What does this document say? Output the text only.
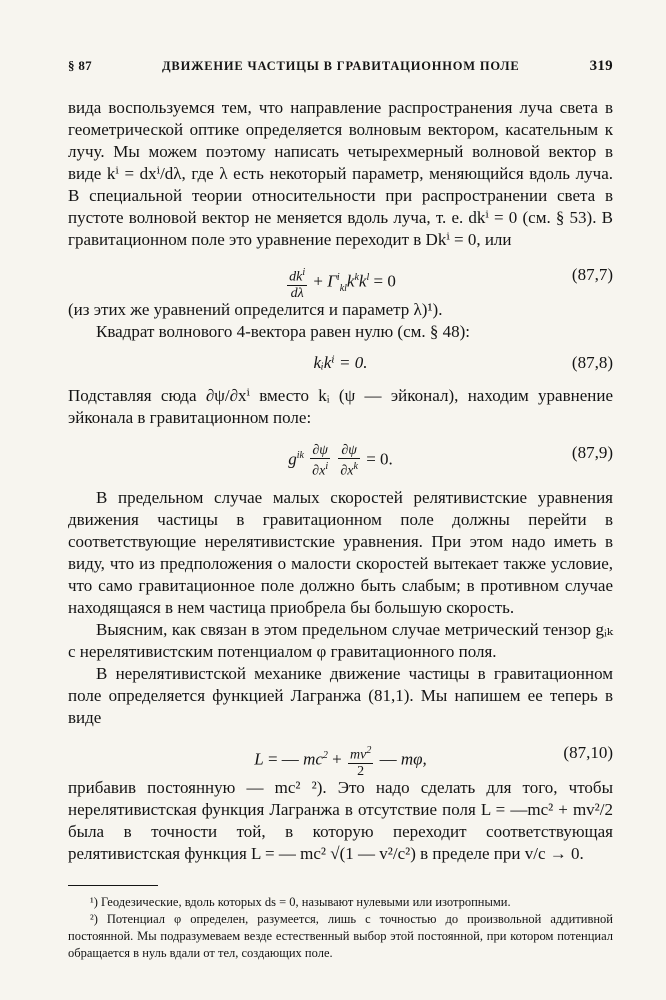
§ 87	ДВИЖЕНИЕ ЧАСТИЦЫ В ГРАВИТАЦИОННОМ ПОЛЕ	319

вида воспользуемся тем, что направление распространения луча света в геометрической оптике определяется волновым вектором, касательным к лучу. Мы можем поэтому написать четырехмерный волновой вектор в виде kⁱ = dxⁱ/dλ, где λ есть некоторый параметр, меняющийся вдоль луча. В специальной теории относительности при распространении света в пустоте волновой вектор не меняется вдоль луча, т. е. dkⁱ = 0 (см. § 53). В гравитационном поле это уравнение переходит в Dkⁱ = 0, или

$\frac{dk^i}{d\lambda} + \Gamma^i_{kl}k^kk^l = 0$	(87,7)

(из этих же уравнений определится и параметр λ)¹).

Квадрат волнового 4-вектора равен нулю (см. § 48):

kᵢkⁱ = 0.	(87,8)

Подставляя сюда ∂ψ/∂xⁱ вместо kᵢ (ψ — эйконал), находим уравнение эйконала в гравитационном поле:

$g^{ik} \frac{\partial\psi}{\partial x^i}$
$\frac{\partial\psi}{\partial x^k} = 0$.	(87,9)

В предельном случае малых скоростей релятивистские уравнения движения частицы в гравитационном поле должны перейти в соответствующие нерелятивистские уравнения. При этом надо иметь в виду, что из предположения о малости скоростей вытекает также условие, что само гравитационное поле должно быть слабым; в противном случае находящаяся в нем частица приобрела бы большую скорость.

Выясним, как связан в этом предельном случае метрический тензор gᵢₖ с нерелятивистским потенциалом φ гравитационного поля.

В нерелятивистской механике движение частицы в гравитационном поле определяется функцией Лагранжа (81,1). Мы напишем ее теперь в виде

L = — $mc^2 + \frac{mv^2}{2}$ — mφ,	(87,10)

прибавив постоянную — mc² ²). Это надо сделать для того, чтобы нерелятивистская функция Лагранжа в отсутствие поля L = —mc² + mv²/2 была в точности той, в которую переходит соответствующая релятивистская функция L = — mc² √(1 — v²/c²) в пределе при v/c → 0.

¹) Геодезические, вдоль которых ds = 0, называют нулевыми или изотропными.

²) Потенциал φ определен, разумеется, лишь с точностью до произвольной аддитивной постоянной. Мы подразумеваем везде естественный выбор этой постоянной, при котором потенциал обращается в нуль вдали от тел, создающих поле.
